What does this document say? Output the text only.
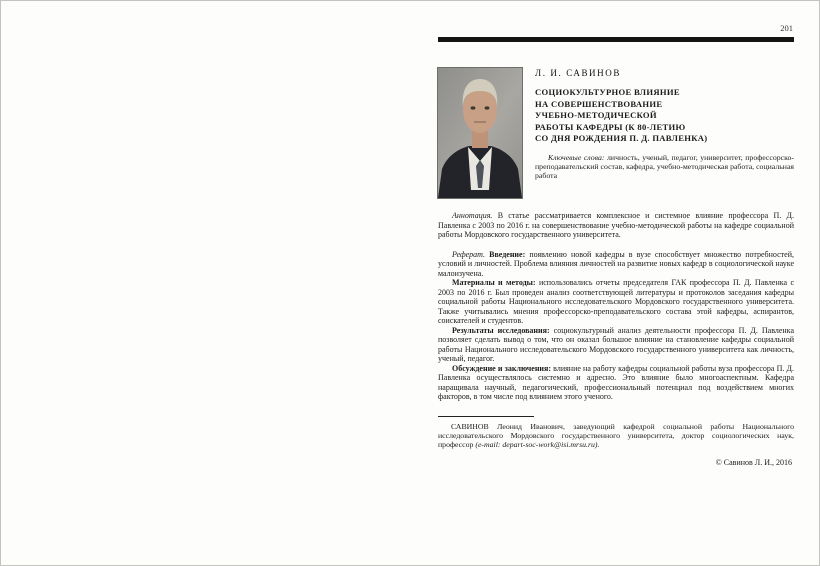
201
Л. И. САВИНОВ
СОЦИОКУЛЬТУРНОЕ ВЛИЯНИЕ
НА СОВЕРШЕНСТВОВАНИЕ
УЧЕБНО-МЕТОДИЧЕСКОЙ
РАБОТЫ КАФЕДРЫ (К 80-ЛЕТИЮ
СО ДНЯ РОЖДЕНИЯ П. Д. ПАВЛЕНКА)

Ключевые слова: личность, ученый, педагог, университет, профессорско-преподавательский состав, кафедра, учебно-методическая работа, социальная работа

Аннотация. В статье рассматривается комплексное и системное влияние профессора П. Д. Павленка с 2003 по 2016 г. на совершенствование учебно-методической работы на кафедре социальной работы Мордовского государственного университета.

Реферат. Введение: появлению новой кафедры в вузе способствует множество потребностей, условий и личностей. Проблема влияния личностей на развитие новых кафедр в социологической науке малоизучена.

Материалы и методы: использовались отчеты председателя ГАК профессора П. Д. Павленка с 2003 по 2016 г. Был проведен анализ соответствующей литературы и протоколов заседания кафедры социальной работы Национального исследовательского Мордовского государственного университета. Также учитывались мнения профессорско-преподавательского состава этой кафедры, аспирантов, соискателей и студентов.

Результаты исследования: социокультурный анализ деятельности профессора П. Д. Павленка позволяет сделать вывод о том, что он оказал большое влияние на становление кафедры социальной работы Национального исследовательского Мордовского государственного университета как личность, ученый, педагог.

Обсуждение и заключения: влияние на работу кафедры социальной работы вуза профессора П. Д. Павленка осуществлялось системно и адресно. Это влияние было многоаспектным. Кафедра наращивала научный, педагогический, профессиональный потенциал под воздействием многих факторов, в том числе под влиянием этого ученого.

САВИНОВ Леонид Иванович, заведующий кафедрой социальной работы Национального исследовательского Мордовского государственного университета, доктор социологических наук, профессор (e-mail: depart-soc-work@isi.mrsu.ru).

© Савинов Л. И., 2016
